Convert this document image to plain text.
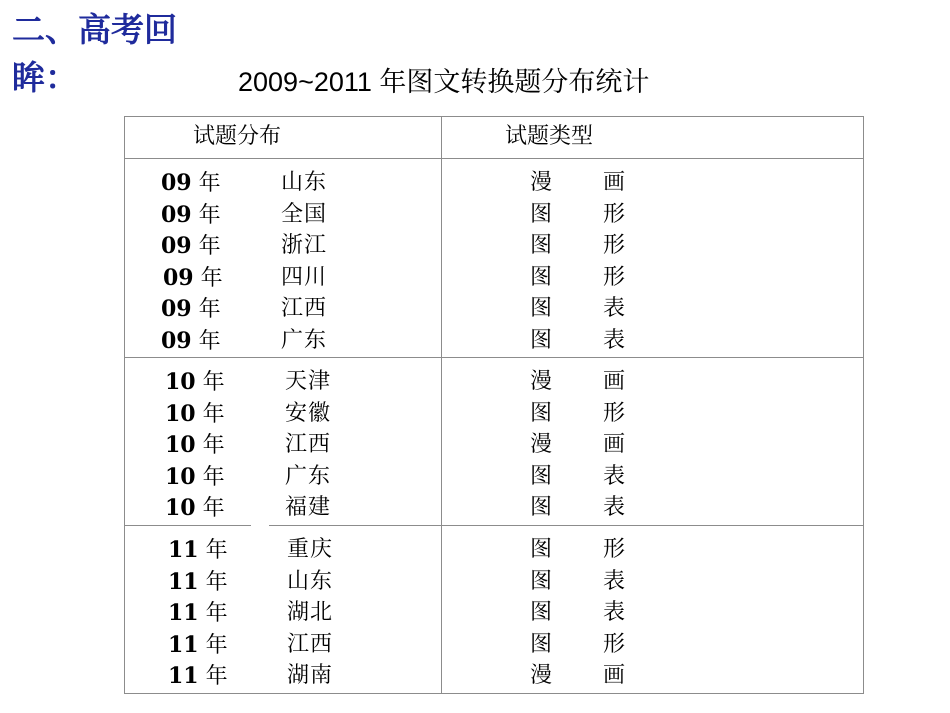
二、高考回
眸：	2009~2011 年图文转换题分布统计
试题分布	试题类型
09 年	山东	漫 画
09 年	全国	图 形
09 年	浙江	图 形
09 年	四川	图 形
09 年	江西	图 表
09 年	广东	图 表
10 年	天津	漫 画
10 年	安徽	图 形
10 年	江西	漫 画
10 年	广东	图 表
10 年	福建	图 表
11 年	重庆	图 形
11 年	山东	图 表
11 年	湖北	图 表
11 年	江西	图 形
11 年	湖南	漫 画
